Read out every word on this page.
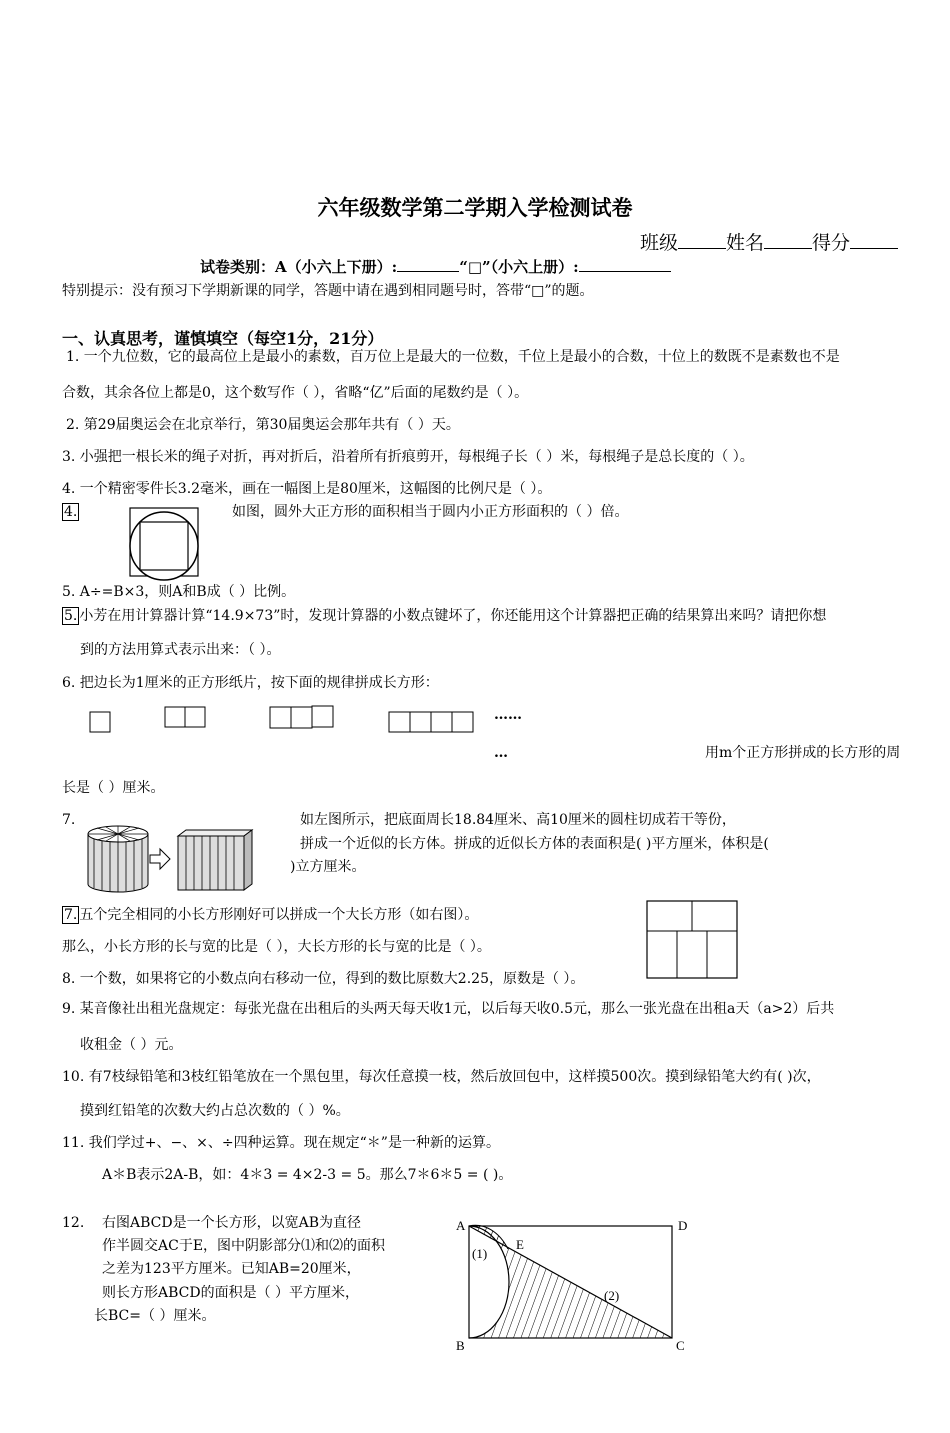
六年级数学第二学期入学检测试卷
班级	姓名	得分
试卷类别：A（小六上下册）:	“□”（小六上册）:
特别提示：没有预习下学期新课的同学，答题中请在遇到相同题号时，答带“□”的题。
一、认真思考，谨慎填空（每空1分，21分）
1. 一个九位数，它的最高位上是最小的素数，百万位上是最大的一位数，千位上是最小的合数，十位上的数既不是素数也不是
合数，其余各位上都是0，这个数写作（ ），省略“亿”后面的尾数约是（ ）。
2. 第29届奥运会在北京举行，第30届奥运会那年共有（ ）天。
3. 小强把一根长米的绳子对折，再对折后，沿着所有折痕剪开，每根绳子长（ ）米，每根绳子是总长度的（ ）。
4. 一个精密零件长3.2毫米，画在一幅图上是80厘米，这幅图的比例尺是（ ）。
4.	如图，圆外大正方形的面积相当于圆内小正方形面积的（ ）倍。
5. A÷=B×3，则A和B成（ ）比例。
5. 小芳在用计算器计算“14.9×73”时，发现计算器的小数点键坏了，你还能用这个计算器把正确的结果算出来吗？请把你想
到的方法用算式表示出来：（ ）。
6. 把边长为1厘米的正方形纸片，按下面的规律拼成长方形：
……
…	用m个正方形拼成的长方形的周
长是（ ）厘米。
7.	如左图所示，把底面周长18.84厘米、高10厘米的圆柱切成若干等份，
拼成一个近似的长方体。拼成的近似长方体的表面积是( )平方厘米，体积是(
)立方厘米。
7. 五个完全相同的小长方形刚好可以拼成一个大长方形（如右图）。
那么，小长方形的长与宽的比是（ ），大长方形的长与宽的比是（ ）。
8. 一个数，如果将它的小数点向右移动一位，得到的数比原数大2.25，原数是（ ）。
9. 某音像社出租光盘规定：每张光盘在出租后的头两天每天收1元，以后每天收0.5元，那么一张光盘在出租a天（a>2）后共
收租金（ ）元。
10. 有7枝绿铅笔和3枝红铅笔放在一个黑包里，每次任意摸一枝，然后放回包中，这样摸500次。摸到绿铅笔大约有( )次，
摸到红铅笔的次数大约占总次数的（ ）%。
11. 我们学过+、−、×、÷四种运算。现在规定“＊”是一种新的运算。
A＊B表示2A-B，如：4＊3 = 4×2-3 = 5。那么7＊6＊5 = ( )。
12. 右图ABCD是一个长方形，以宽AB为直径
作半圆交AC于E，图中阴影部分⑴和⑵的面积
之差为123平方厘米。已知AB=20厘米，
则长方形ABCD的面积是（ ）平方厘米，
长BC=（ ）厘米。
A	D
B	C
E
(1)
(2)
